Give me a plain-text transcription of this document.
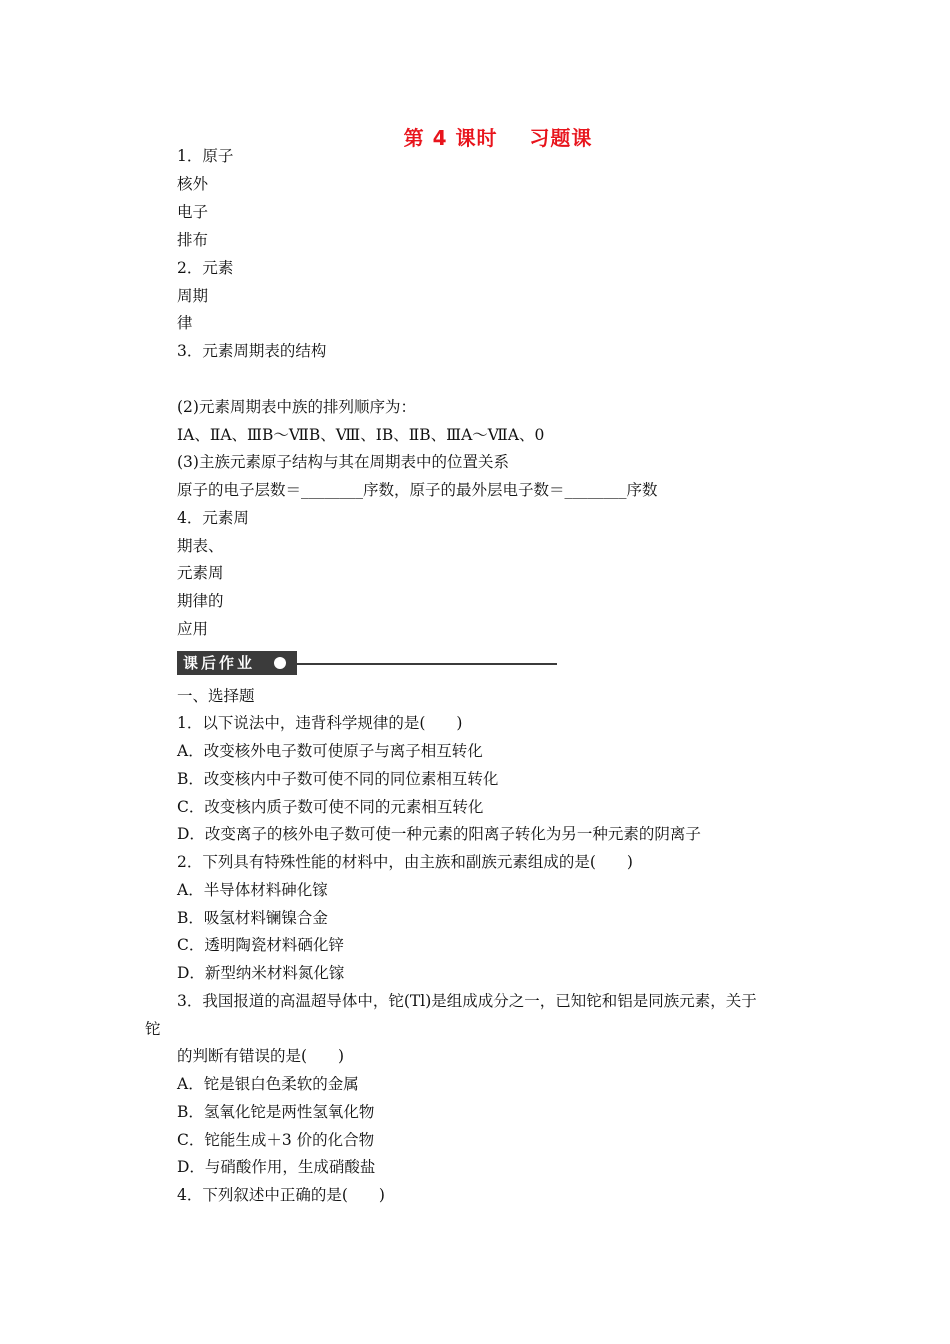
第 4 课时    习题课
1．原子
核外
电子
排布
2．元素
周期
律
3．元素周期表的结构
(2)元素周期表中族的排列顺序为：
ⅠA、ⅡA、ⅢB～ⅦB、Ⅷ、ⅠB、ⅡB、ⅢA～ⅦA、0
(3)主族元素原子结构与其在周期表中的位置关系
原子的电子层数＝________序数，原子的最外层电子数＝________序数
4．元素周
期表、
元素周
期律的
应用
课后作业
一、选择题
1．以下说法中，违背科学规律的是(　　)
A．改变核外电子数可使原子与离子相互转化
B．改变核内中子数可使不同的同位素相互转化
C．改变核内质子数可使不同的元素相互转化
D．改变离子的核外电子数可使一种元素的阳离子转化为另一种元素的阴离子
2．下列具有特殊性能的材料中，由主族和副族元素组成的是(　　)
A．半导体材料砷化镓
B．吸氢材料镧镍合金
C．透明陶瓷材料硒化锌
D．新型纳米材料氮化镓
3．我国报道的高温超导体中，铊(Tl)是组成成分之一，已知铊和铝是同族元素，关于
铊
的判断有错误的是(　　)
A．铊是银白色柔软的金属
B．氢氧化铊是两性氢氧化物
C．铊能生成＋3 价的化合物
D．与硝酸作用，生成硝酸盐
4．下列叙述中正确的是(　　)
